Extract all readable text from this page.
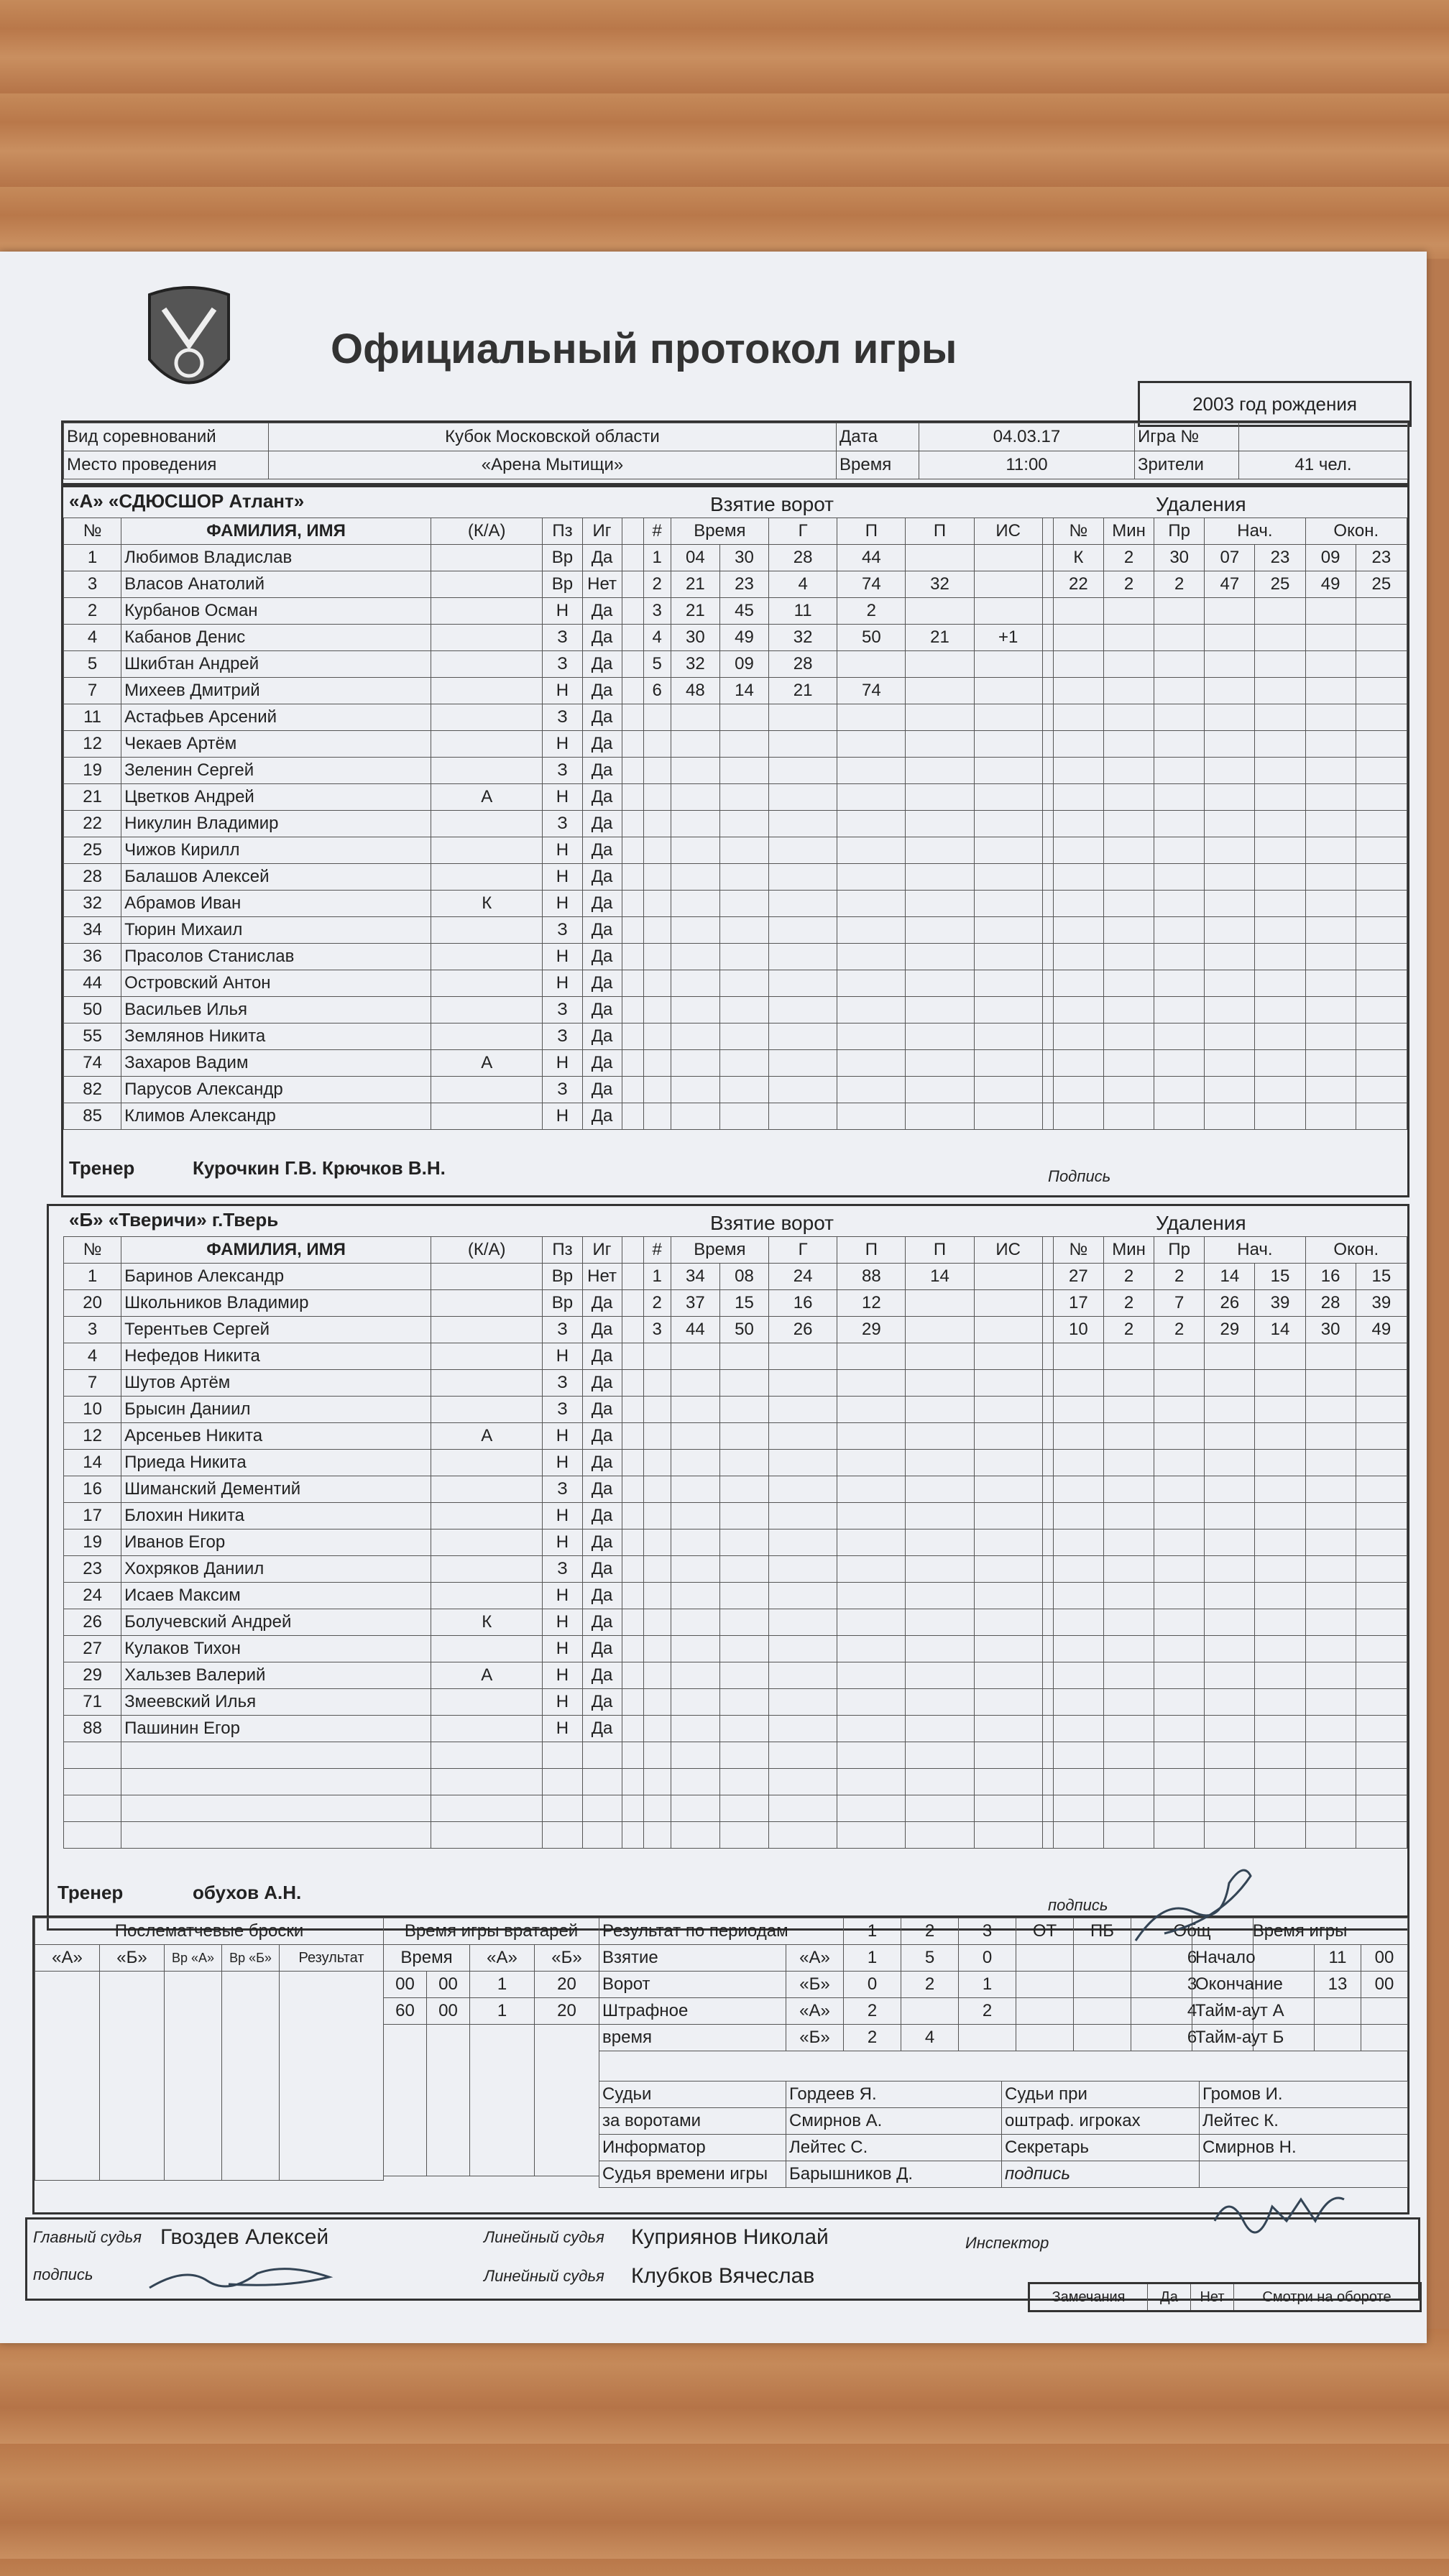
Официальный протокол игры
2003 год рождения
Вид соревнований	Кубок Московской области	Дата	04.03.17	Игра №	
Место проведения	«Арена Мытищи»	Время	11:00	Зрители	41 чел.
«А» «СДЮСШОР Атлант»	Взятие ворот	Удаления
№	ФАМИЛИЯ, ИМЯ	(К/А)	Пз	Иг		#	Время		Г	П	П	ИС		№	Мин	Пр	Нач.		Окон.	
1	Любимов Владислав		Вр	Да		1	04	30	28	44				К	2	30	07	23	09	23
3	Власов Анатолий		Вр	Нет		2	21	23	4	74	32			22	2	2	47	25	49	25
2	Курбанов Осман		Н	Да		3	21	45	11	2										
4	Кабанов Денис		З	Да		4	30	49	32	50	21	+1								
5	Шкибтан Андрей		З	Да		5	32	09	28											
7	Михеев Дмитрий		Н	Да		6	48	14	21	74										
11	Астафьев Арсений		З	Да																
12	Чекаев Артём		Н	Да																
19	Зеленин Сергей		З	Да																
21	Цветков Андрей	А	Н	Да																
22	Никулин Владимир		З	Да																
25	Чижов Кирилл		Н	Да																
28	Балашов Алексей		Н	Да																
32	Абрамов Иван	К	Н	Да																
34	Тюрин Михаил		З	Да																
36	Прасолов Станислав		Н	Да																
44	Островский Антон		Н	Да																
50	Васильев Илья		З	Да																
55	Землянов Никита		З	Да																
74	Захаров Вадим	А	Н	Да																
82	Парусов Александр		З	Да																
85	Климов Александр		Н	Да																
Тренер	Курочкин Г.В. Крючков В.Н.	Подпись
«Б» «Тверичи» г.Тверь	Взятие ворот	Удаления
№	ФАМИЛИЯ, ИМЯ	(К/А)	Пз	Иг		#	Время		Г	П	П	ИС		№	Мин	Пр	Нач.		Окон.	
1	Баринов Александр		Вр	Нет		1	34	08	24	88	14			27	2	2	14	15	16	15
20	Школьников Владимир		Вр	Да		2	37	15	16	12				17	2	7	26	39	28	39
3	Терентьев Сергей		З	Да		3	44	50	26	29				10	2	2	29	14	30	49
4	Нефедов Никита		Н	Да																
7	Шутов Артём		З	Да																
10	Брысин Даниил		З	Да																
12	Арсеньев Никита	А	Н	Да																
14	Приеда Никита		Н	Да																
16	Шиманский Дементий		З	Да																
17	Блохин Никита		Н	Да																
19	Иванов Егор		Н	Да																
23	Хохряков Даниил		З	Да																
24	Исаев Максим		Н	Да																
26	Болучевский Андрей	К	Н	Да																
27	Кулаков Тихон		Н	Да																
29	Хальзев Валерий	А	Н	Да																
71	Змеевский Илья		Н	Да																
88	Пашинин Егор		Н	Да																

Тренер	обухов А.Н.
подпись
Послематчевые броски				
«А»	«Б»	Вр «А»	Вр «Б»	Результат

Время игры вратарей			
Время		«А»	«Б»
00	00	1	20
60	00	1	20

Результат по периодам		1	2	3	ОТ	ПБ	Общ
Взятие	«А»	1	5	0			6
Ворот	«Б»	0	2	1			3
Штрафное	«А»	2		2			4
время	«Б»	2	4				6
Время игры		
Начало	11	00
Окончание	13	00
Тайм-аут А		
Тайм-аут Б		
Судьи	Гордеев Я.	Судьи при	Громов И.
за воротами	Смирнов А.	оштраф. игроках	Лейтес К.
Информатор	Лейтес С.	Секретарь	Смирнов Н.
Судья времени игры	Барышников Д.	подпись	
Главный судья Гвоздев Алексей
подпись
Линейный судья Куприянов Николай
Линейный судья Клубков Вячеслав
Инспектор
Замечания	Да	Нет	Смотри на обороте
